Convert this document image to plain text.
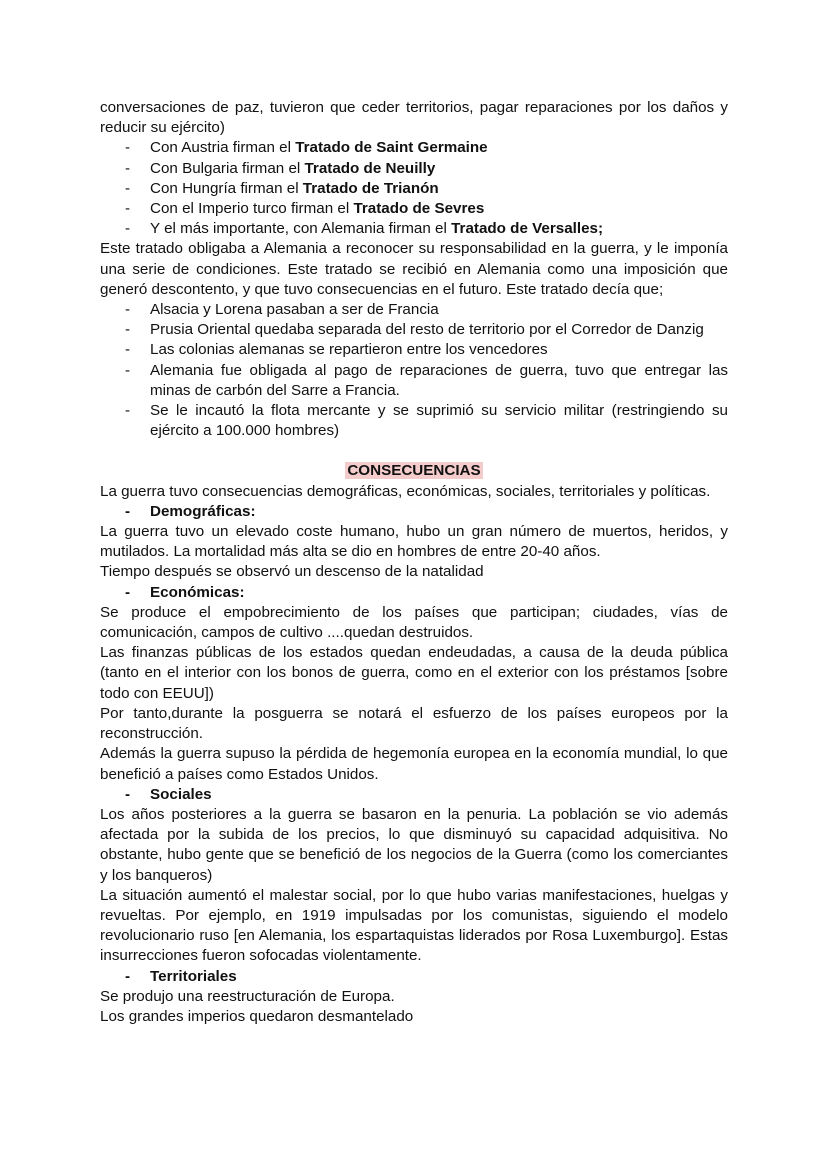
conversaciones de paz, tuvieron que ceder territorios, pagar reparaciones por los daños y reducir su ejército)

- Con Austria firman el Tratado de Saint Germaine
- Con Bulgaria firman el Tratado de Neuilly
- Con Hungría firman el Tratado de Trianón
- Con el Imperio turco firman el Tratado de Sevres
- Y el más importante, con Alemania firman el Tratado de Versalles;

Este tratado obligaba a Alemania a reconocer su responsabilidad en la guerra, y le imponía una serie de condiciones. Este tratado se recibió en Alemania como una imposición que generó descontento, y que tuvo consecuencias en el futuro. Este tratado decía que;

- Alsacia y Lorena pasaban a ser de Francia
- Prusia Oriental quedaba separada del resto de territorio por el Corredor de Danzig
- Las colonias alemanas se repartieron entre los vencedores
- Alemania fue obligada al pago de reparaciones de guerra, tuvo que entregar las minas de carbón del Sarre a Francia.
- Se le incautó la flota mercante y se suprimió su servicio militar (restringiendo su ejército a 100.000 hombres)
CONSECUENCIAS

La guerra tuvo consecuencias demográficas, económicas, sociales, territoriales y políticas.

- Demográficas:

La guerra tuvo un elevado coste humano, hubo un gran número de muertos, heridos, y mutilados. La mortalidad más alta se dio en hombres de entre 20-40 años.

Tiempo después se observó un descenso de la natalidad

- Económicas:

Se produce el empobrecimiento de los países que participan; ciudades, vías de comunicación, campos de cultivo ....quedan destruidos.

Las finanzas públicas de los estados quedan endeudadas, a causa de la deuda pública (tanto en el interior con los bonos de guerra, como en el exterior con los préstamos [sobre todo con EEUU])

Por tanto,durante la posguerra se notará el esfuerzo de los países europeos por la reconstrucción.

Además la guerra supuso la pérdida de hegemonía europea en la economía mundial, lo que benefició a países como Estados Unidos.

- Sociales

Los años posteriores a la guerra se basaron en la penuria. La población se vio además afectada por la subida de los precios, lo que disminuyó su capacidad adquisitiva. No obstante, hubo gente que se benefició de los negocios de la Guerra (como los comerciantes y los banqueros)

La situación aumentó el malestar social, por lo que hubo varias manifestaciones, huelgas y revueltas. Por ejemplo, en 1919 impulsadas por los comunistas, siguiendo el modelo revolucionario ruso [en Alemania, los espartaquistas liderados por Rosa Luxemburgo]. Estas insurrecciones fueron sofocadas violentamente.

- Territoriales

Se produjo una reestructuración de Europa.

Los grandes imperios quedaron desmantelado
